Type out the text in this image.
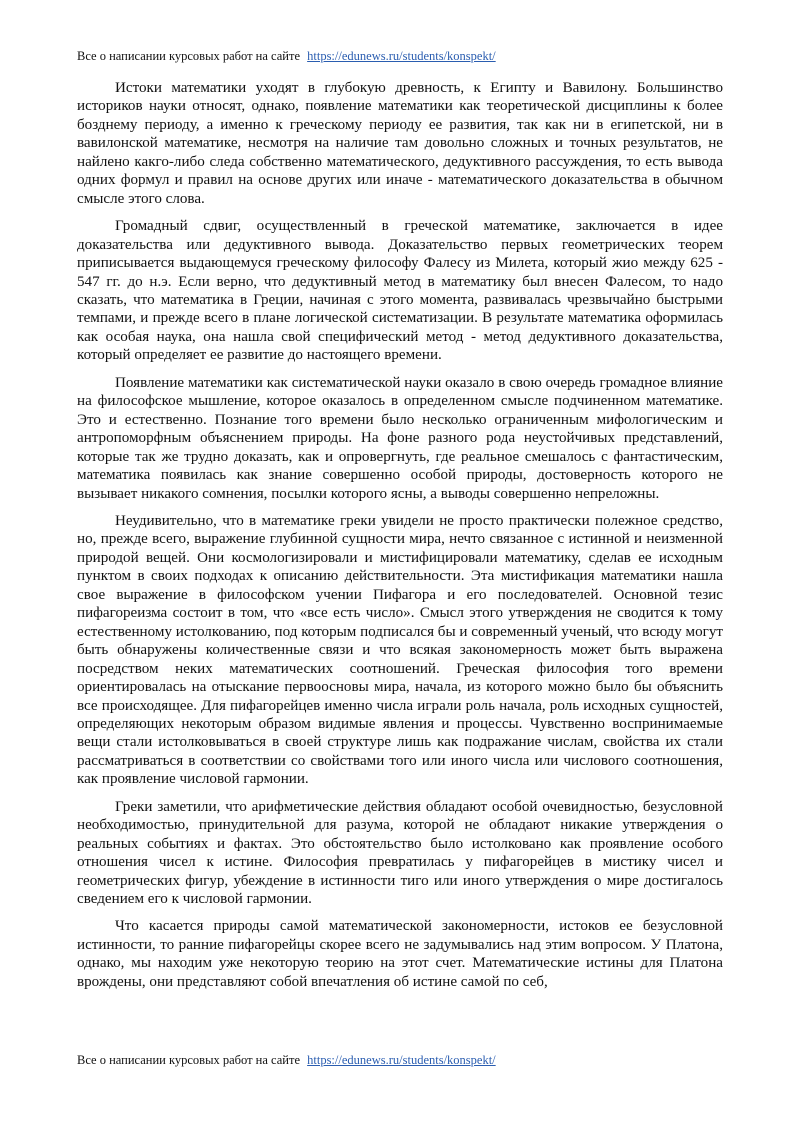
Все о написании курсовых работ на сайте https://edunews.ru/students/konspekt/

Истоки математики уходят в глубокую древность, к Египту и Вавилону. Большинство историков науки относят, однако, появление математики как теоретической дисциплины к более бозднему периоду, а именно к греческому периоду ее развития, так как ни в египетской, ни в вавилонской математике, несмотря на наличие там довольно сложных и точных результатов, не найлено какго-либо следа собственно математического, дедуктивного рассуждения, то есть вывода одних формул и правил на основе других или иначе - математического доказательства в обычном смысле этого слова.

Громадный сдвиг, осуществленный в греческой математике, заключается в идее доказательства или дедуктивного вывода. Доказательство первых геометрических теорем приписывается выдающемуся греческому философу Фалесу из Милета, который жио между 625 - 547 гг. до н.э. Если верно, что дедуктивный метод в математику был внесен Фалесом, то надо сказать, что математика в Греции, начиная с этого момента, развивалась чрезвычайно быстрыми темпами, и прежде всего в плане логической систематизации. В результате математика оформилась как особая наука, она нашла свой специфический метод - метод дедуктивного доказательства, который определяет ее развитие до настоящего времени.

Появление математики как систематической науки оказало в свою очередь громадное влияние на философское мышление, которое оказалось в определенном смысле подчиненном математике. Это и естественно. Познание того времени было несколько ограниченным мифологическим и антропоморфным объяснением природы. На фоне разного рода неустойчивых представлений, которые так же трудно доказать, как и опровергнуть, где реальное смешалось с фантастическим, математика появилась как знание совершенно особой природы, достоверность которого не вызывает никакого сомнения, посылки которого ясны, а выводы совершенно непреложны.

Неудивительно, что в математике греки увидели не просто практически полежное средство, но, прежде всего, выражение глубинной сущности мира, нечто связанное с истинной и неизменной природой вещей. Они космологизировали и мистифицировали математику, сделав ее исходным пунктом в своих подходах к описанию действительности. Эта мистификация математики нашла свое выражение в философском учении Пифагора и его последователей. Основной тезис пифагореизма состоит в том, что «все есть число». Смысл этого утверждения не сводится к тому естественному истолкованию, под которым подписался бы и современный ученый, что всюду могут быть обнаружены количественные связи и что всякая закономерность может быть выражена посредством неких математических соотношений. Греческая философия того времени ориентировалась на отыскание первоосновы мира, начала, из которого можно было бы объяснить все происходящее. Для пифагорейцев именно числа играли роль начала, роль исходных сущностей, определяющих некоторым образом видимые явления и процессы. Чувственно воспринимаемые вещи стали истолковываться в своей структуре лишь как подражание числам, свойства их стали рассматриваться в соответствии со свойствами того или иного числа или числового соотношения, как проявление числовой гармонии.

Греки заметили, что арифметические действия обладают особой очевидностью, безусловной необходимостью, принудительной для разума, которой не обладают никакие утверждения о реальных событиях и фактах. Это обстоятельство было истолковано как проявление особого отношения чисел к истине. Философия превратилась у пифагорейцев в мистику чисел и геометрических фигур, убеждение в истинности тиго или иного утверждения о мире достигалось сведением его к числовой гармонии.

Что касается природы самой математической закономерности, истоков ее безусловной истинности, то ранние пифагорейцы скорее всего не задумывались над этим вопросом. У Платона, однако, мы находим уже некоторую теорию на этот счет. Математические истины для Платона врождены, они представляют собой впечатления об истине самой по себ,

Все о написании курсовых работ на сайте https://edunews.ru/students/konspekt/
